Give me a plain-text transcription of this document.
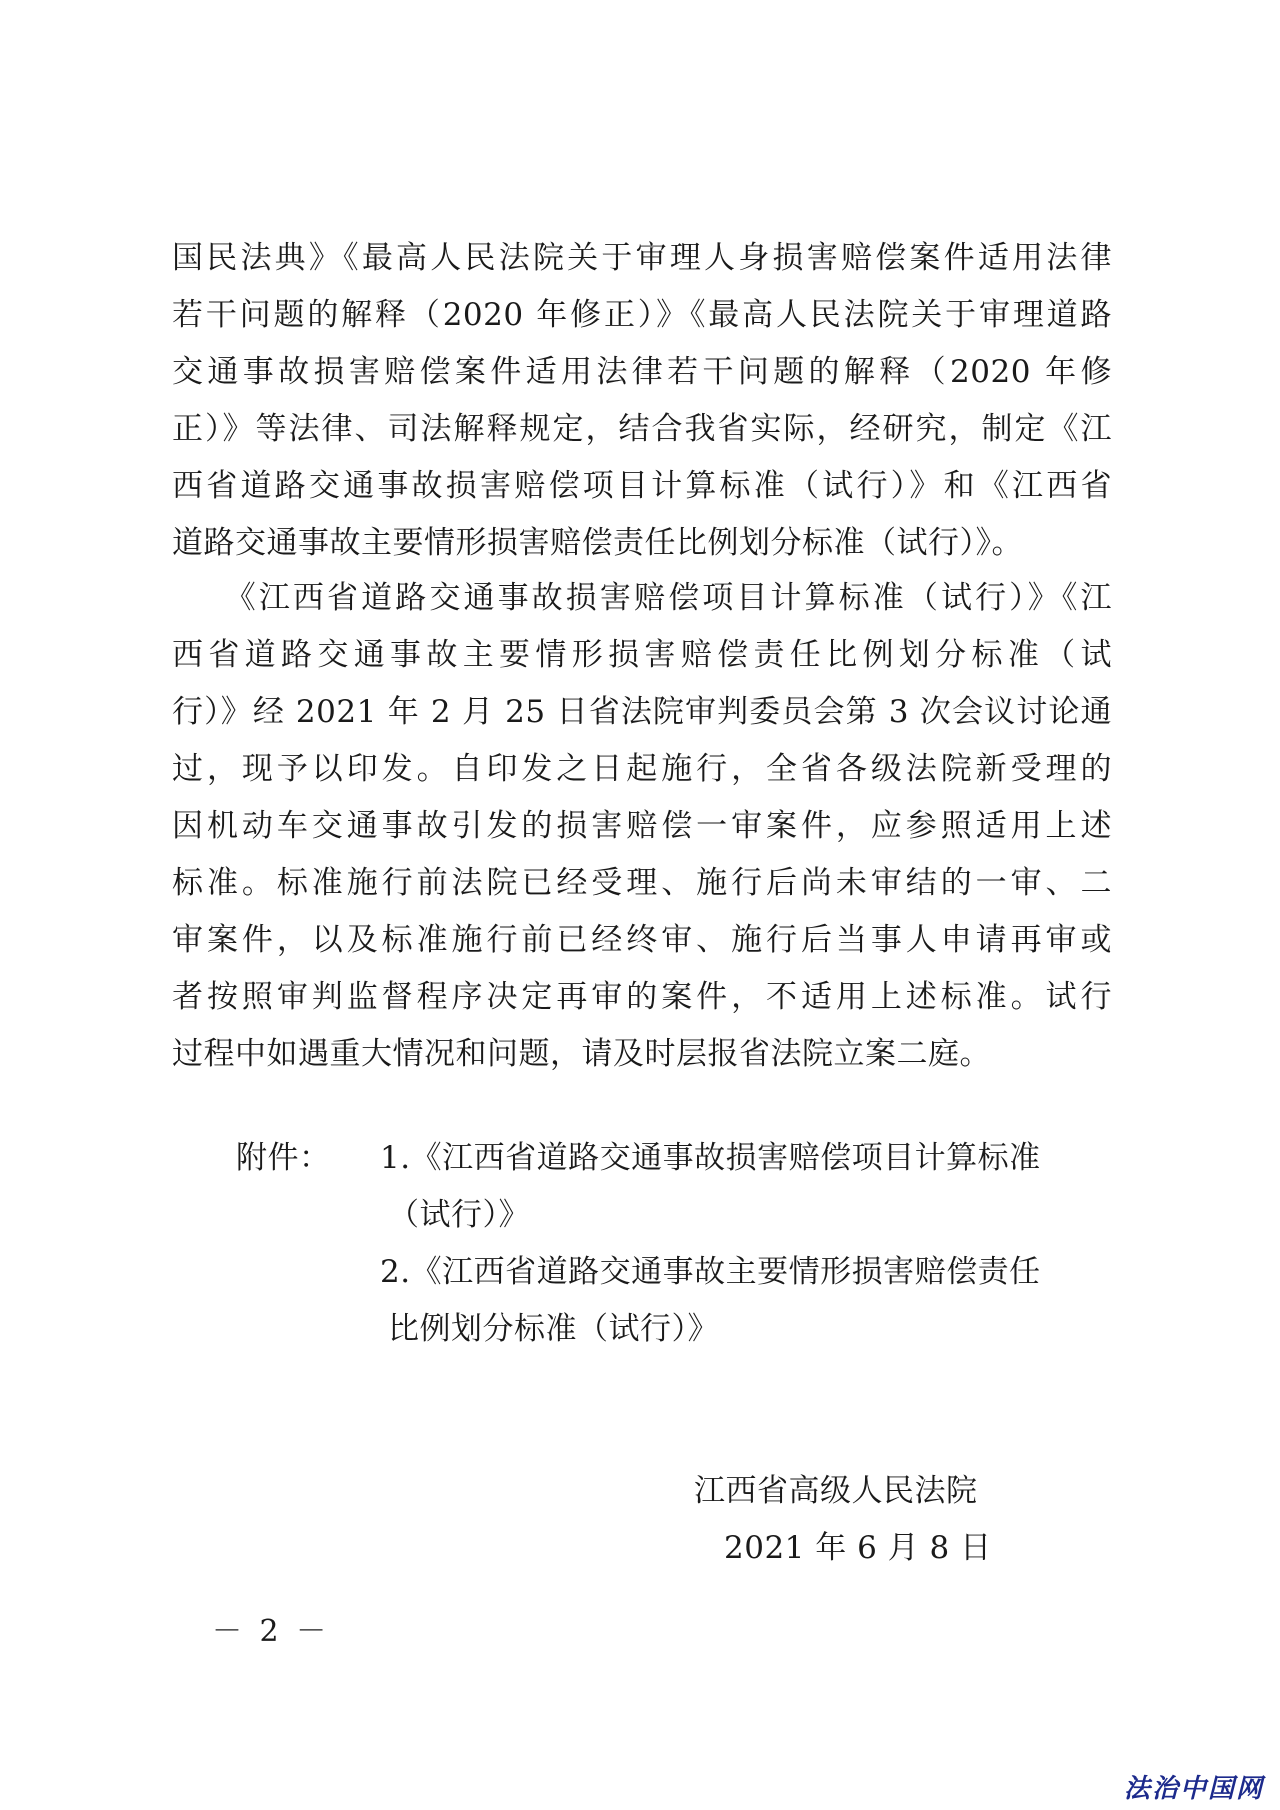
国民法典》《最高人民法院关于审理人身损害赔偿案件适用法律
若干问题的解释（2020 年修正）》《最高人民法院关于审理道路
交通事故损害赔偿案件适用法律若干问题的解释（2020 年修
正）》等法律、司法解释规定，结合我省实际，经研究，制定《江
西省道路交通事故损害赔偿项目计算标准（试行）》和《江西省
道路交通事故主要情形损害赔偿责任比例划分标准（试行）》。
　　《江西省道路交通事故损害赔偿项目计算标准（试行）》《江
西省道路交通事故主要情形损害赔偿责任比例划分标准（试
行）》经 2021 年 2 月 25 日省法院审判委员会第 3 次会议讨论通
过，现予以印发。自印发之日起施行，全省各级法院新受理的
因机动车交通事故引发的损害赔偿一审案件，应参照适用上述
标准。标准施行前法院已经受理、施行后尚未审结的一审、二
审案件，以及标准施行前已经终审、施行后当事人申请再审或
者按照审判监督程序决定再审的案件，不适用上述标准。试行
过程中如遇重大情况和问题，请及时层报省法院立案二庭。
附件： 1.《江西省道路交通事故损害赔偿项目计算标准
（试行）》
2.《江西省道路交通事故主要情形损害赔偿责任
比例划分标准（试行）》
江西省高级人民法院
2021 年 6 月 8 日
－ 2 －
法治中国网
